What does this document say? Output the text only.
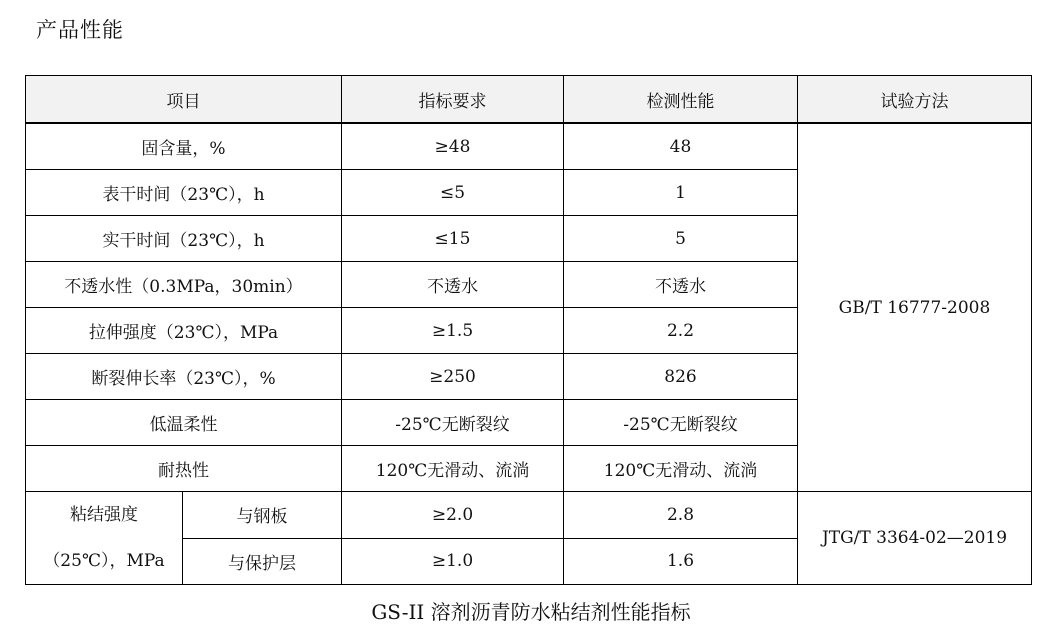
产品性能
项目		指标要求	检测性能	试验方法
固含量，%		≥48	48	GB/T 16777-2008
表干时间（23℃），h		≤5	1	
实干时间（23℃），h		≤15	5	
不透水性（0.3MPa，30min）		不透水	不透水	
拉伸强度（23℃），MPa		≥1.5	2.2	
断裂伸长率（23℃），%		≥250	826	
低温柔性		-25℃无断裂纹	-25℃无断裂纹	
耐热性		120℃无滑动、流淌	120℃无滑动、流淌	

粘结强度
（25℃），MPa	与钢板	≥2.0	2.8	JTG/T 3364-02—2019
	与保护层	≥1.0	1.6	
GS-II 溶剂沥青防水粘结剂性能指标
